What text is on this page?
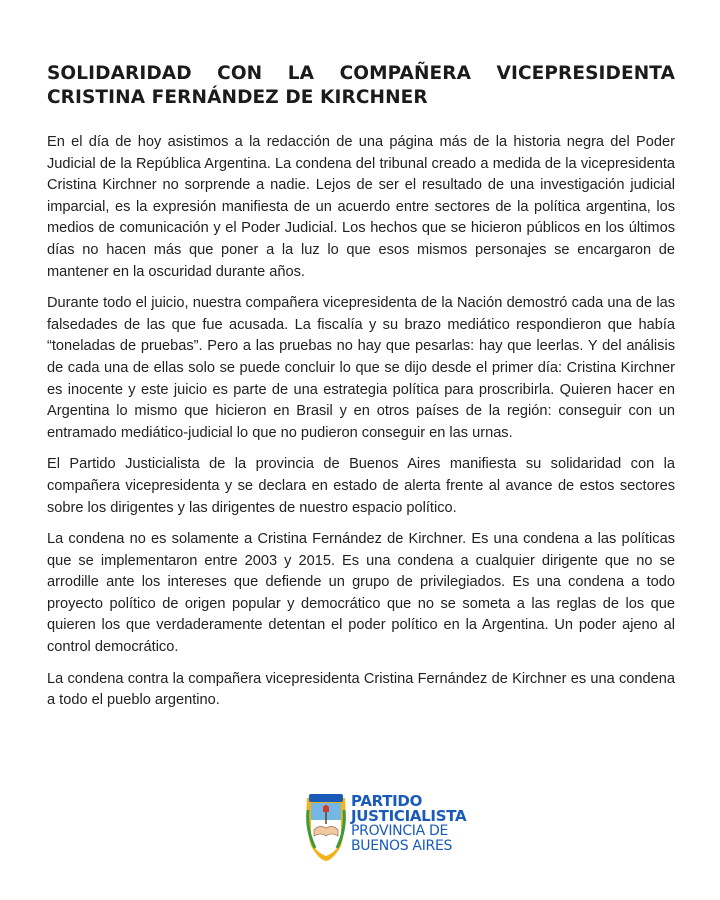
SOLIDARIDAD CON LA COMPAÑERA VICEPRESIDENTA
CRISTINA FERNÁNDEZ DE KIRCHNER

En el día de hoy asistimos a la redacción de una página más de la historia negra del Poder Judicial de la República Argentina. La condena del tribunal creado a medida de la vicepresidenta Cristina Kirchner no sorprende a nadie. Lejos de ser el resultado de una investigación judicial imparcial, es la expresión manifiesta de un acuerdo entre sectores de la política argentina, los medios de comunicación y el Poder Judicial. Los hechos que se hicieron públicos en los últimos días no hacen más que poner a la luz lo que esos mismos personajes se encargaron de mantener en la oscuridad durante años.

Durante todo el juicio, nuestra compañera vicepresidenta de la Nación demostró cada una de las falsedades de las que fue acusada. La fiscalía y su brazo mediático respondieron que había “toneladas de pruebas”. Pero a las pruebas no hay que pesarlas: hay que leerlas. Y del análisis de cada una de ellas solo se puede concluir lo que se dijo desde el primer día: Cristina Kirchner es inocente y este juicio es parte de una estrategia política para proscribirla. Quieren hacer en Argentina lo mismo que hicieron en Brasil y en otros países de la región: conseguir con un entramado mediático-judicial lo que no pudieron conseguir en las urnas.

El Partido Justicialista de la provincia de Buenos Aires manifiesta su solidaridad con la compañera vicepresidenta y se declara en estado de alerta frente al avance de estos sectores sobre los dirigentes y las dirigentes de nuestro espacio político.

La condena no es solamente a Cristina Fernández de Kirchner. Es una condena a las políticas que se implementaron entre 2003 y 2015. Es una condena a cualquier dirigente que no se arrodille ante los intereses que defiende un grupo de privilegiados. Es una condena a todo proyecto político de origen popular y democrático que no se someta a las reglas de los que quieren los que verdaderamente detentan el poder político en la Argentina. Un poder ajeno al control democrático.

La condena contra la compañera vicepresidenta Cristina Fernández de Kirchner es una condena a todo el pueblo argentino.

PARTIDO
JUSTICIALISTA
PROVINCIA DE
BUENOS AIRES
